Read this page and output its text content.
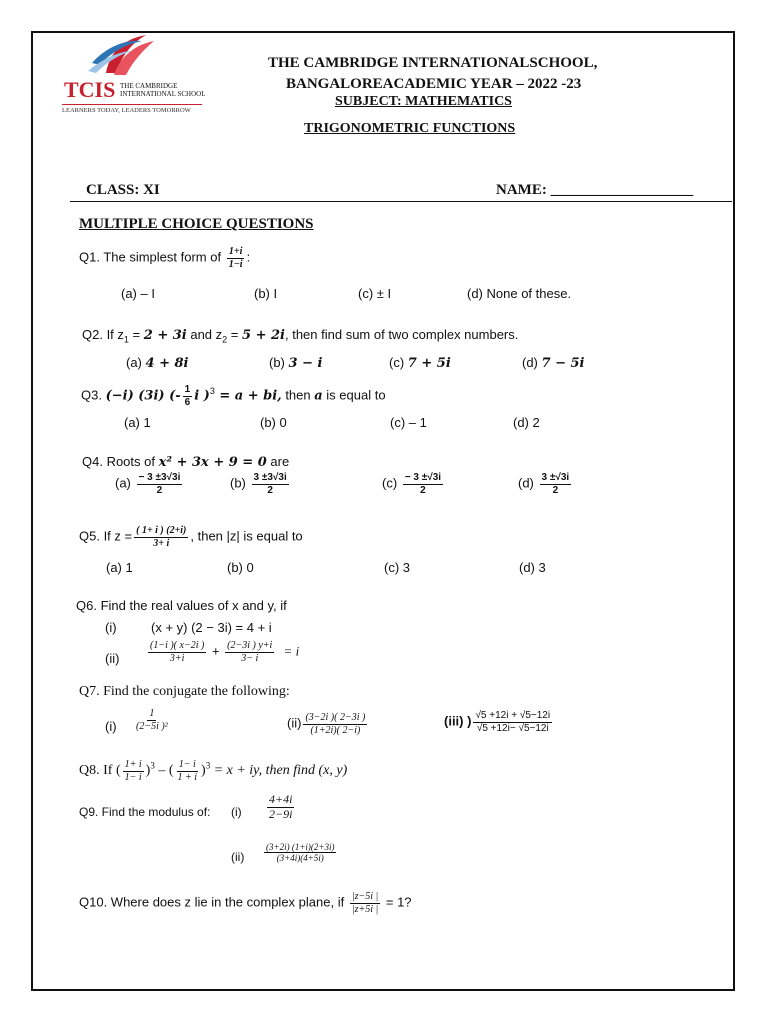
TCIS THE CAMBRIDGE
INTERNATIONAL SCHOOL
LEARNERS TODAY, LEADERS TOMORROW
THE CAMBRIDGE INTERNATIONALSCHOOL,
BANGALOREACADEMIC YEAR – 2022 -23
SUBJECT: MATHEMATICS
TRIGONOMETRIC FUNCTIONS
CLASS: XI	NAME: ___________________
MULTIPLE CHOICE QUESTIONS
Q1. The simplest form of $\frac{1+i}{1-i}$ :
(a) – I	(b) I	(c) ± I	(d) None of these.
Q2. If $z_1 = 2 + 3i$ and $z_2 = 5 + 2i$, then find sum of two complex numbers.
(a) 4 + 8i	(b) 3 − i	(c) 7 + 5i	(d) 7 − 5i
Q3. (−i) (3i) (- $\frac{1}{6}$ i )$^3$ = a + bi, then a is equal to
(a) 1	(b) 0	(c) – 1	(d) 2
Q4. Roots of x² + 3x + 9 = 0 are
$(a) \frac{- 3 \pm 3√3i}{2}$	$(b) \frac{3 \pm 3√3i}{2}$	$(c) \frac{- 3 \pm√3i}{2}$	$(d) \frac{3 \pm√3i}{2}$
Q5. If $z = \frac{( 1+ i ) (2+i)}{3+ i}$ , then |z| is equal to
(a) 1	(b) 0	(c) 3	(d) 3
Q6. Find the real values of x and y, if
(i)	(x + y) (2 − 3i) = 4 + i
(ii)	$\frac{(1-i )( x-2i )}{3+i} + \frac{(2-3i ) y+i}{3- i} = i$
Q7. Find the conjugate the following:
$(i) \frac{1}{\text{(2−5i )²}}$	$(ii) \frac{(3-2i )( 2-3i )}{(1+2i)( 2-i)}$	(iii) ) $\frac{√5 +12i + √5-12i}{√5 +12i- √5-12i}$
Q8. If ( $\frac{1+ i}{1- i} )^3$ – ( $\frac{1- i}{1 + i} )^3 = x$ + iy, then find (x, y)
Q9. Find the modulus of: $(i) \frac{4+4i}{2-9i}$
$(ii) \frac{(3+2i) (1+i)(2+3i)}{(3+4i)(4+5i)}$
Q10. Where does z lie in the complex plane, if $\frac{|z-5i |}{|z+5i |} = 1$?
